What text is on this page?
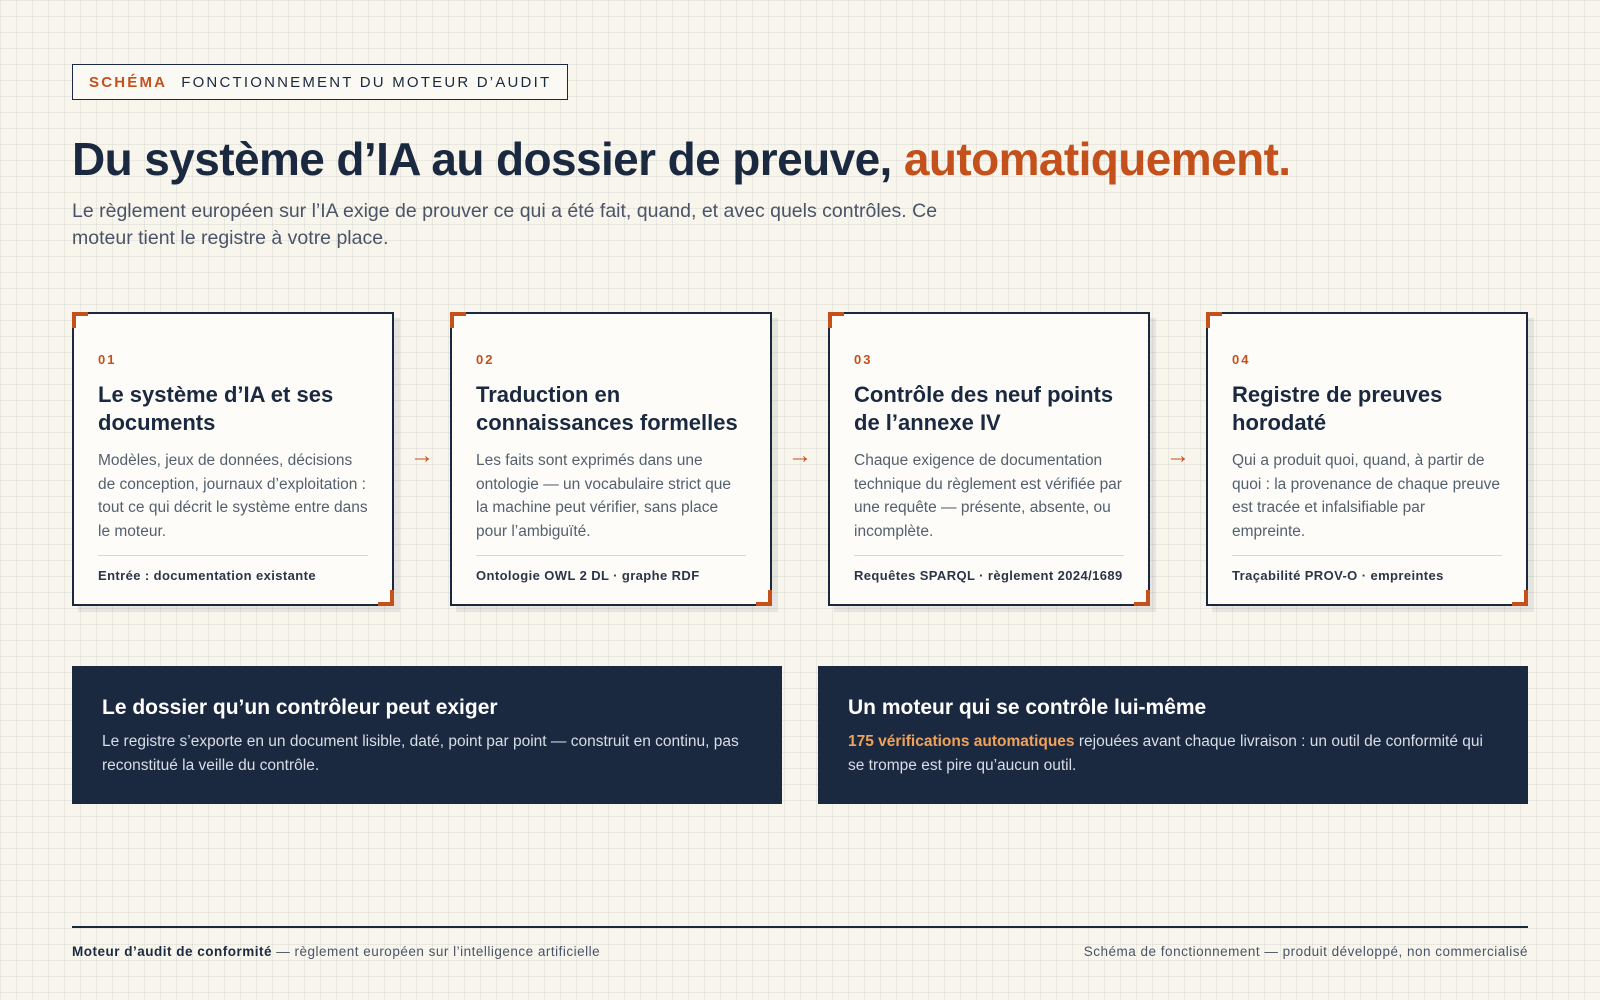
SCHÉMA FONCTIONNEMENT DU MOTEUR D’AUDIT
Du système d’IA au dossier de preuve, automatiquement.

Le règlement européen sur l’IA exige de prouver ce qui a été fait, quand, et avec quels contrôles. Ce moteur tient le registre à votre place.

01

Le système d’IA et ses documents

Modèles, jeux de données, décisions de conception, journaux d’exploitation : tout ce qui décrit le système entre dans le moteur.

Entrée : documentation existante
→

02

Traduction en connaissances formelles

Les faits sont exprimés dans une ontologie — un vocabulaire strict que la machine peut vérifier, sans place pour l’ambiguïté.

Ontologie OWL 2 DL · graphe RDF
→

03

Contrôle des neuf points de l’annexe IV

Chaque exigence de documentation technique du règlement est vérifiée par une requête — présente, absente, ou incomplète.

Requêtes SPARQL · règlement 2024/1689
→

04

Registre de preuves horodaté

Qui a produit quoi, quand, à partir de quoi : la provenance de chaque preuve est tracée et infalsifiable par empreinte.

Traçabilité PROV-O · empreintes
Le dossier qu’un contrôleur peut exiger

Le registre s’exporte en un document lisible, daté, point par point — construit en continu, pas reconstitué la veille du contrôle.

Un moteur qui se contrôle lui-même

175 vérifications automatiques rejouées avant chaque livraison : un outil de conformité qui se trompe est pire qu’aucun outil.

Moteur d’audit de conformité — règlement européen sur l’intelligence artificielle	Schéma de fonctionnement — produit développé, non commercialisé
